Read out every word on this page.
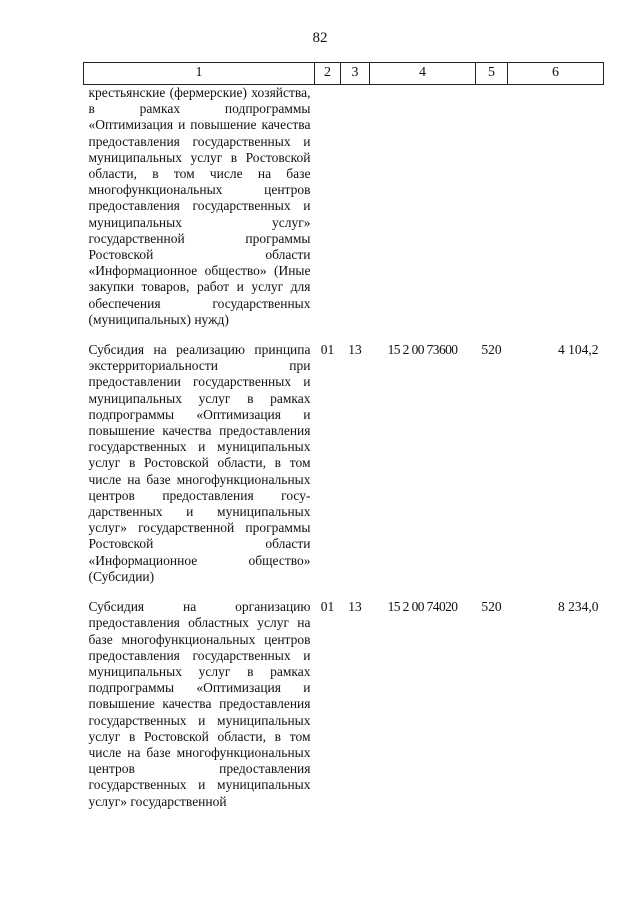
82
1	2	3	4	5	6
крестьянские (фермерские) хозяйства, в рамках подпрограммы «Оптимизация и повышение качества предоставления государственных и муниципальных услуг в Ростовской области, в том числе на базе многофункциональных центров предоставления государственных и муниципальных услуг» государственной программы Ростовской области «Информационное общество» (Иные закупки товаров, работ и услуг для обеспечения государственных (муниципальных) нужд)					

Субсидия на реализацию принципа экстерриториальности при предоставлении государственных и муниципальных услуг в рамках подпрограммы «Оптимизация и повышение качества предоставления государственных и муниципальных услуг в Ростовской области, в том числе на базе многофункциональных центров предоставления государственных и муниципальных услуг» государственной программы Ростовской области «Информационное общество» (Субсидии)	01	13	15 2 00 73600	520	4 104,2

Субсидия на организацию предоставления областных услуг на базе многофункциональных центров предоставления государственных и муниципальных услуг в рамках подпрограммы «Оптимизация и повышение качества предоставления государственных и муниципальных услуг в Ростовской области, в том числе на базе многофункциональных центров предоставления государственных и муниципальных услуг» государственной	01	13	15 2 00 74020	520	8 234,0
